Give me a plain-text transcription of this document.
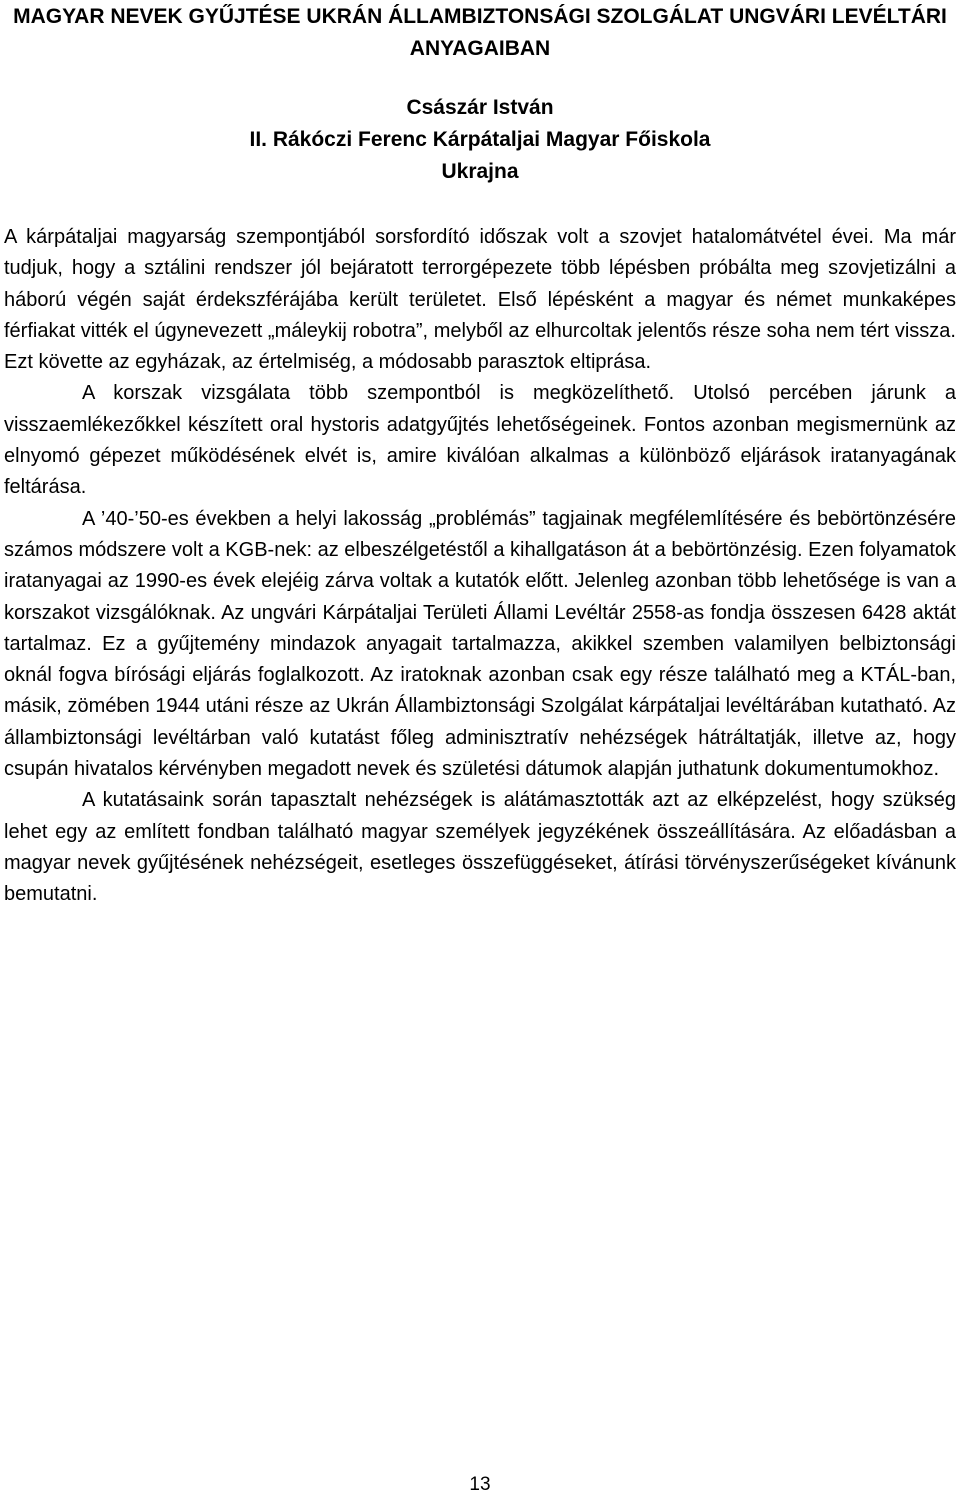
MAGYAR NEVEK GYŰJTÉSE UKRÁN ÁLLAMBIZTONSÁGI SZOLGÁLAT UNGVÁRI LEVÉLTÁRI ANYAGAIBAN
Császár István
II. Rákóczi Ferenc Kárpátaljai Magyar Főiskola
Ukrajna

A kárpátaljai magyarság szempontjából sorsfordító időszak volt a szovjet hatalomátvétel évei. Ma már tudjuk, hogy a sztálini rendszer jól bejáratott terrorgépezete több lépésben próbálta meg szovjetizálni a háború végén saját érdekszférájába került területet. Első lépésként a magyar és német munkaképes férfiakat vitték el úgynevezett „máleykij robotra”, melyből az elhurcoltak jelentős része soha nem tért vissza. Ezt követte az egyházak, az értelmiség, a módosabb parasztok eltiprása.

A korszak vizsgálata több szempontból is megközelíthető. Utolsó percében járunk a visszaemlékezőkkel készített oral hystoris adatgyűjtés lehetőségeinek. Fontos azonban megismernünk az elnyomó gépezet működésének elvét is, amire kiválóan alkalmas a különböző eljárások iratanyagának feltárása.

A ’40-’50-es években a helyi lakosság „problémás” tagjainak megfélemlítésére és bebörtönzésére számos módszere volt a KGB-nek: az elbeszélgetéstől a kihallgatáson át a bebörtönzésig. Ezen folyamatok iratanyagai az 1990-es évek elejéig zárva voltak a kutatók előtt. Jelenleg azonban több lehetősége is van a korszakot vizsgálóknak. Az ungvári Kárpátaljai Területi Állami Levéltár 2558-as fondja összesen 6428 aktát tartalmaz. Ez a gyűjtemény mindazok anyagait tartalmazza, akikkel szemben valamilyen belbiztonsági oknál fogva bírósági eljárás foglalkozott. Az iratoknak azonban csak egy része található meg a KTÁL-ban, másik, zömében 1944 utáni része az Ukrán Állambiztonsági Szolgálat kárpátaljai levéltárában kutatható. Az állambiztonsági levéltárban való kutatást főleg adminisztratív nehézségek hátráltatják, illetve az, hogy csupán hivatalos kérvényben megadott nevek és születési dátumok alapján juthatunk dokumentumokhoz.

A kutatásaink során tapasztalt nehézségek is alátámasztották azt az elképzelést, hogy szükség lehet egy az említett fondban található magyar személyek jegyzékének összeállítására. Az előadásban a magyar nevek gyűjtésének nehézségeit, esetleges összefüggéseket, átírási törvényszerűségeket kívánunk bemutatni.

13
